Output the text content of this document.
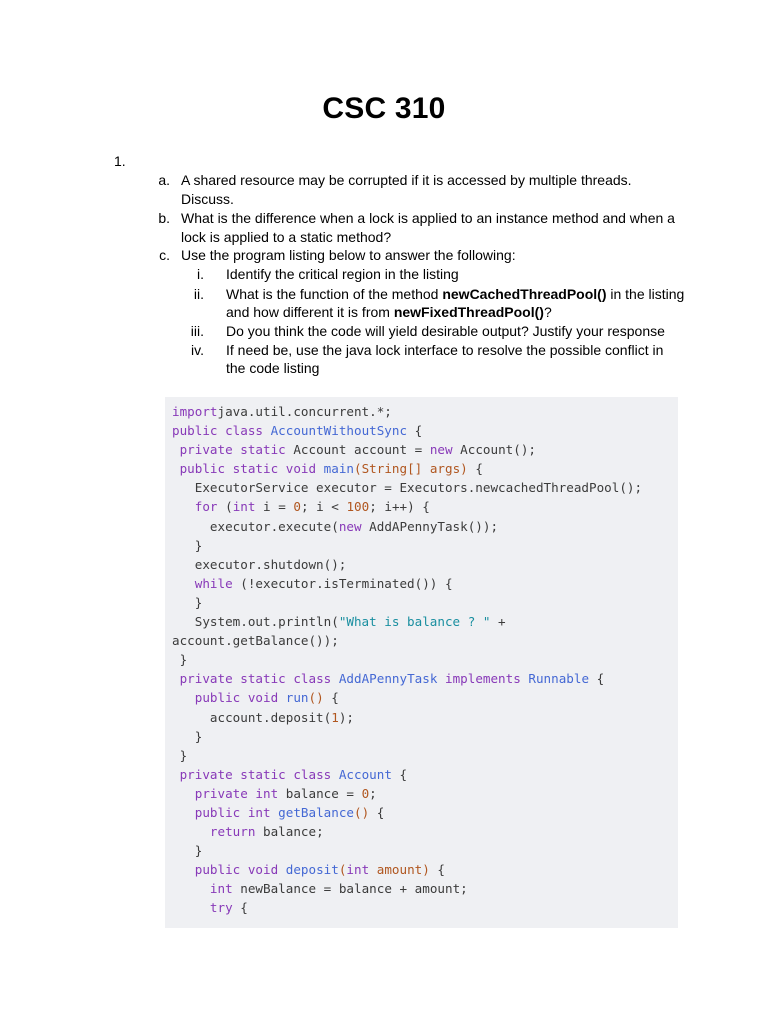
CSC 310
1.
a. A shared resource may be corrupted if it is accessed by multiple threads.
Discuss.
b. What is the difference when a lock is applied to an instance method and when a
lock is applied to a static method?
c. Use the program listing below to answer the following:
i. Identify the critical region in the listing
ii. What is the function of the method newCachedThreadPool() in the listing
and how different it is from newFixedThreadPool()?
iii. Do you think the code will yield desirable output? Justify your response
iv. If need be, use the java lock interface to resolve the possible conflict in
the code listing
importjava.util.concurrent.*;
public class AccountWithoutSync {
private static Account account = new Account();
public static void main(String[] args) {
ExecutorService executor = Executors.newcachedThreadPool();
for (int i = 0; i < 100; i++) {
executor.execute(new AddAPennyTask());
}
executor.shutdown();
while (!executor.isTerminated()) {
}
System.out.println("What is balance ? " +
account.getBalance());
}
private static class AddAPennyTask implements Runnable {
public void run() {
account.deposit(1);
}
}
private static class Account {
private int balance = 0;
public int getBalance() {
return balance;
}
public void deposit(int amount) {
int newBalance = balance + amount;
try {
